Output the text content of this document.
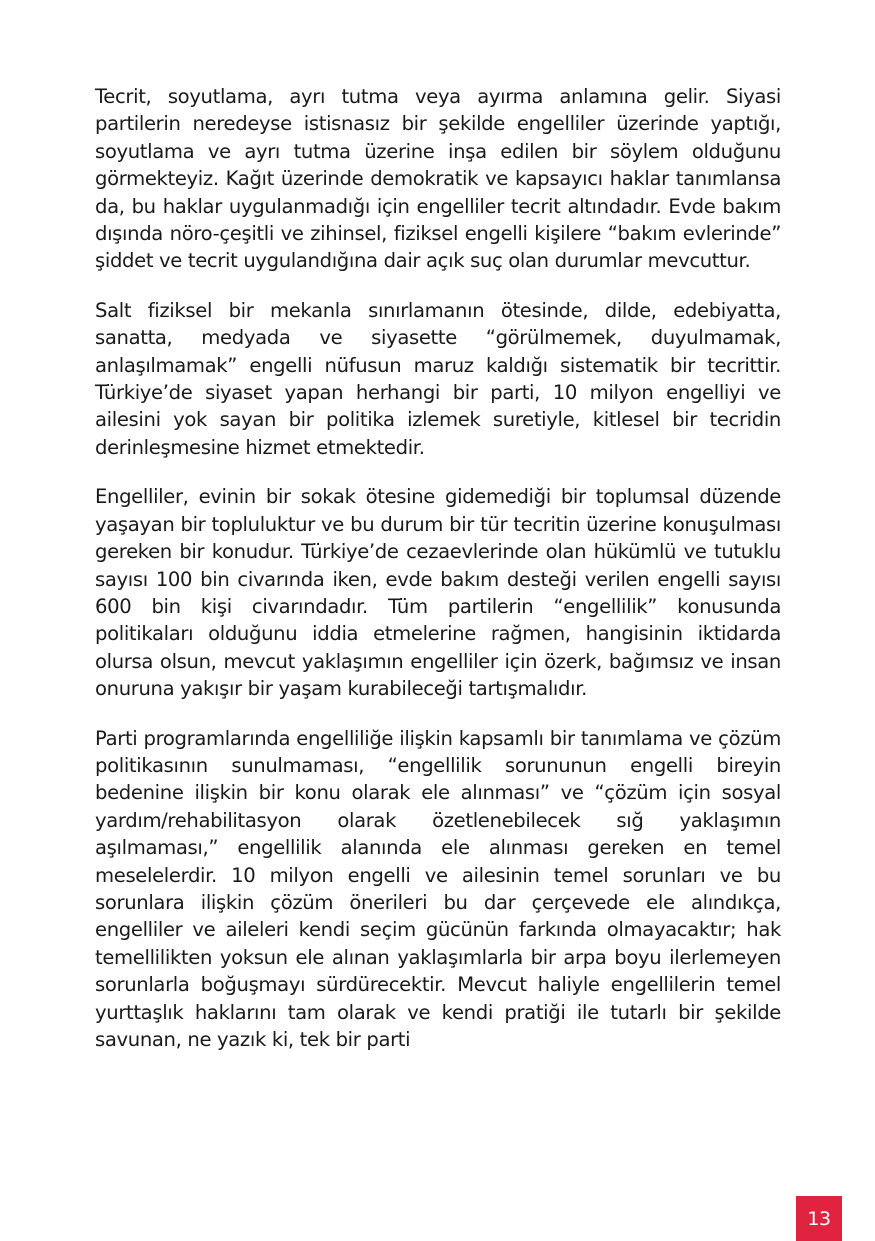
Tecrit, soyutlama, ayrı tutma veya ayırma anlamına gelir. Siyasi partilerin neredeyse istisnasız bir şekilde engelliler üzerinde yaptığı, soyutlama ve ayrı tutma üzerine inşa edilen bir söylem olduğunu görmekteyiz. Kağıt üzerinde demokratik ve kapsayıcı haklar tanımlansa da, bu haklar uygulanmadığı için engelliler tecrit altındadır. Evde bakım dışında nöro-çeşitli ve zihinsel, fiziksel engelli kişilere “bakım evlerinde” şiddet ve tecrit uygulandığına dair açık suç olan durumlar mevcuttur.

Salt fiziksel bir mekanla sınırlamanın ötesinde, dilde, edebiyatta, sanatta, medyada ve siyasette “görülmemek, duyulmamak, anlaşılmamak” engelli nüfusun maruz kaldığı sistematik bir tecrittir. Türkiye’de siyaset yapan herhangi bir parti, 10 milyon engelliyi ve ailesini yok sayan bir politika izlemek suretiyle, kitlesel bir tecridin derinleşmesine hizmet etmektedir.

Engelliler, evinin bir sokak ötesine gidemediği bir toplumsal düzende yaşayan bir topluluktur ve bu durum bir tür tecritin üzerine konuşulması gereken bir konudur. Türkiye’de cezaevlerinde olan hükümlü ve tutuklu sayısı 100 bin civarında iken, evde bakım desteği verilen engelli sayısı 600 bin kişi civarındadır. Tüm partilerin “engellilik” konusunda politikaları olduğunu iddia etmelerine rağmen, hangisinin iktidarda olursa olsun, mevcut yaklaşımın engelliler için özerk, bağımsız ve insan onuruna yakışır bir yaşam kurabileceği tartışmalıdır.

Parti programlarında engelliliğe ilişkin kapsamlı bir tanımlama ve çözüm politikasının sunulmaması, “engellilik sorununun engelli bireyin bedenine ilişkin bir konu olarak ele alınması” ve “çözüm için sosyal yardım/rehabilitasyon olarak özetlenebilecek sığ yaklaşımın aşılmaması,” engellilik alanında ele alınması gereken en temel meselelerdir. 10 milyon engelli ve ailesinin temel sorunları ve bu sorunlara ilişkin çözüm önerileri bu dar çerçevede ele alındıkça, engelliler ve aileleri kendi seçim gücünün farkında olmayacaktır; hak temellilikten yoksun ele alınan yaklaşımlarla bir arpa boyu ilerlemeyen sorunlarla boğuşmayı sürdürecektir. Mevcut haliyle engellilerin temel yurttaşlık haklarını tam olarak ve kendi pratiği ile tutarlı bir şekilde savunan, ne yazık ki, tek bir parti

13
